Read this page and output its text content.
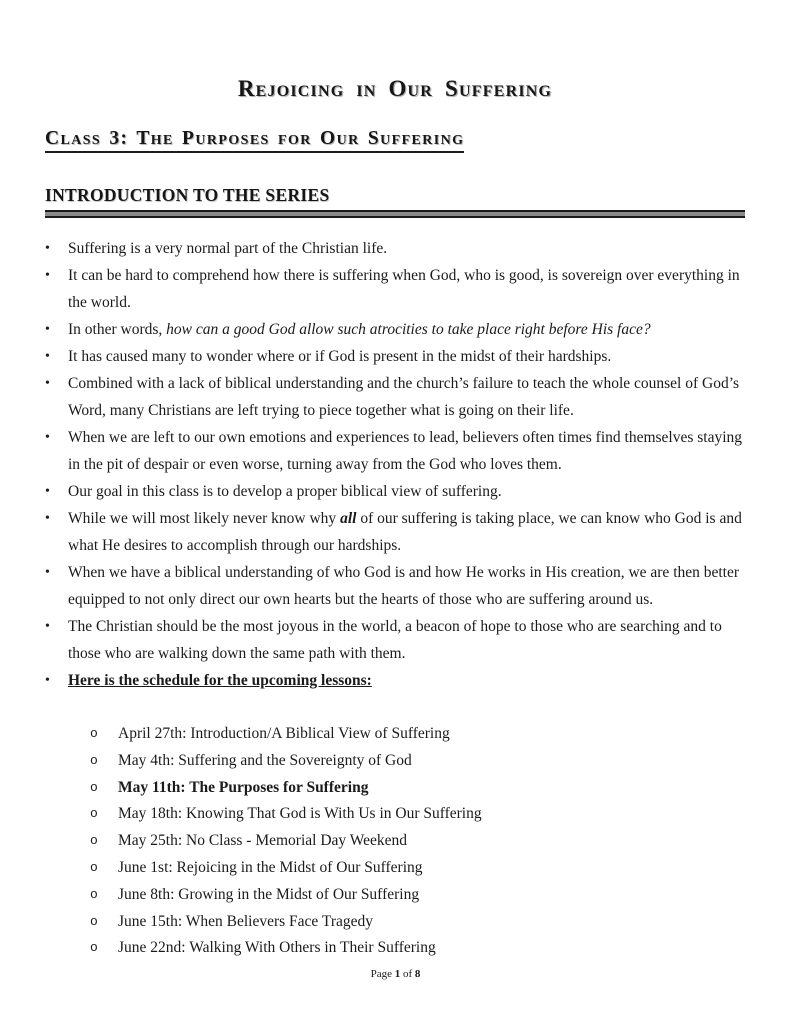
Rejoicing in Our Suffering
Class 3: The Purposes for Our Suffering
INTRODUCTION TO THE SERIES
•	Suffering is a very normal part of the Christian life.
•	It can be hard to comprehend how there is suffering when God, who is good, is sovereign over everything in the world.
•	In other words, how can a good God allow such atrocities to take place right before His face?
•	It has caused many to wonder where or if God is present in the midst of their hardships.
•	Combined with a lack of biblical understanding and the church’s failure to teach the whole counsel of God’s Word, many Christians are left trying to piece together what is going on their life.
•	When we are left to our own emotions and experiences to lead, believers often times find themselves staying in the pit of despair or even worse, turning away from the God who loves them.
•	Our goal in this class is to develop a proper biblical view of suffering.
•	While we will most likely never know why all of our suffering is taking place, we can know who God is and what He desires to accomplish through our hardships.
•	When we have a biblical understanding of who God is and how He works in His creation, we are then better equipped to not only direct our own hearts but the hearts of those who are suffering around us.
•	The Christian should be the most joyous in the world, a beacon of hope to those who are searching and to those who are walking down the same path with them.
•	Here is the schedule for the upcoming lessons:
o	April 27th: Introduction/A Biblical View of Suffering
o	May 4th: Suffering and the Sovereignty of God
o	May 11th: The Purposes for Suffering
o	May 18th: Knowing That God is With Us in Our Suffering
o	May 25th: No Class - Memorial Day Weekend
o	June 1st: Rejoicing in the Midst of Our Suffering
o	June 8th: Growing in the Midst of Our Suffering
o	June 15th: When Believers Face Tragedy
o	June 22nd: Walking With Others in Their Suffering
Page 1 of 8
